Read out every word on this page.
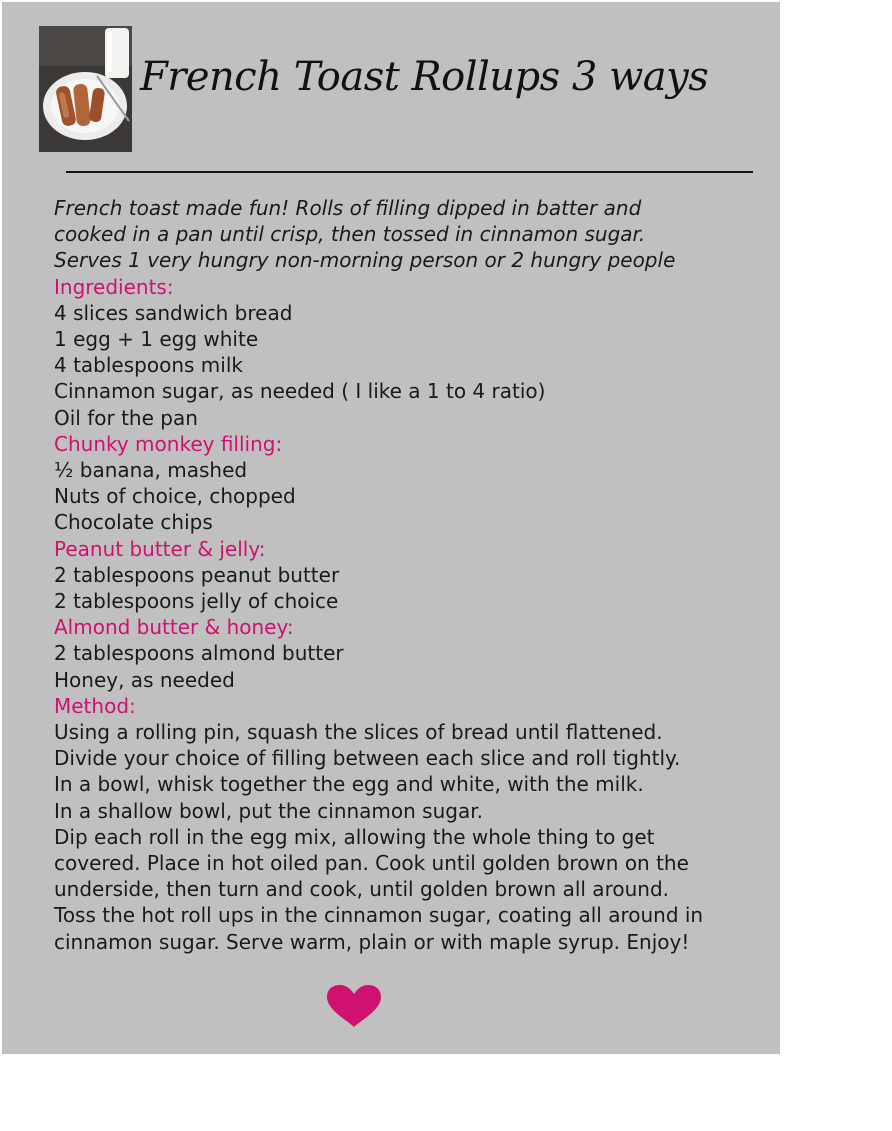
French Toast Rollups 3 ways
French toast made fun! Rolls of filling dipped in batter and
cooked in a pan until crisp, then tossed in cinnamon sugar.
Serves 1 very hungry non-morning person or 2 hungry people
Ingredients:
4 slices sandwich bread
1 egg + 1 egg white
4 tablespoons milk
Cinnamon sugar, as needed ( I like a 1 to 4 ratio)
Oil for the pan
Chunky monkey filling:
½ banana, mashed
Nuts of choice, chopped
Chocolate chips
Peanut butter & jelly:
2 tablespoons peanut butter
2 tablespoons jelly of choice
Almond butter & honey:
2 tablespoons almond butter
Honey, as needed
Method:
Using a rolling pin, squash the slices of bread until flattened.
Divide your choice of filling between each slice and roll tightly.
In a bowl, whisk together the egg and white, with the milk.
In a shallow bowl, put the cinnamon sugar.
Dip each roll in the egg mix, allowing the whole thing to get
covered. Place in hot oiled pan. Cook until golden brown on the
underside, then turn and cook, until golden brown all around.
Toss the hot roll ups in the cinnamon sugar, coating all around in
cinnamon sugar. Serve warm, plain or with maple syrup. Enjoy!
